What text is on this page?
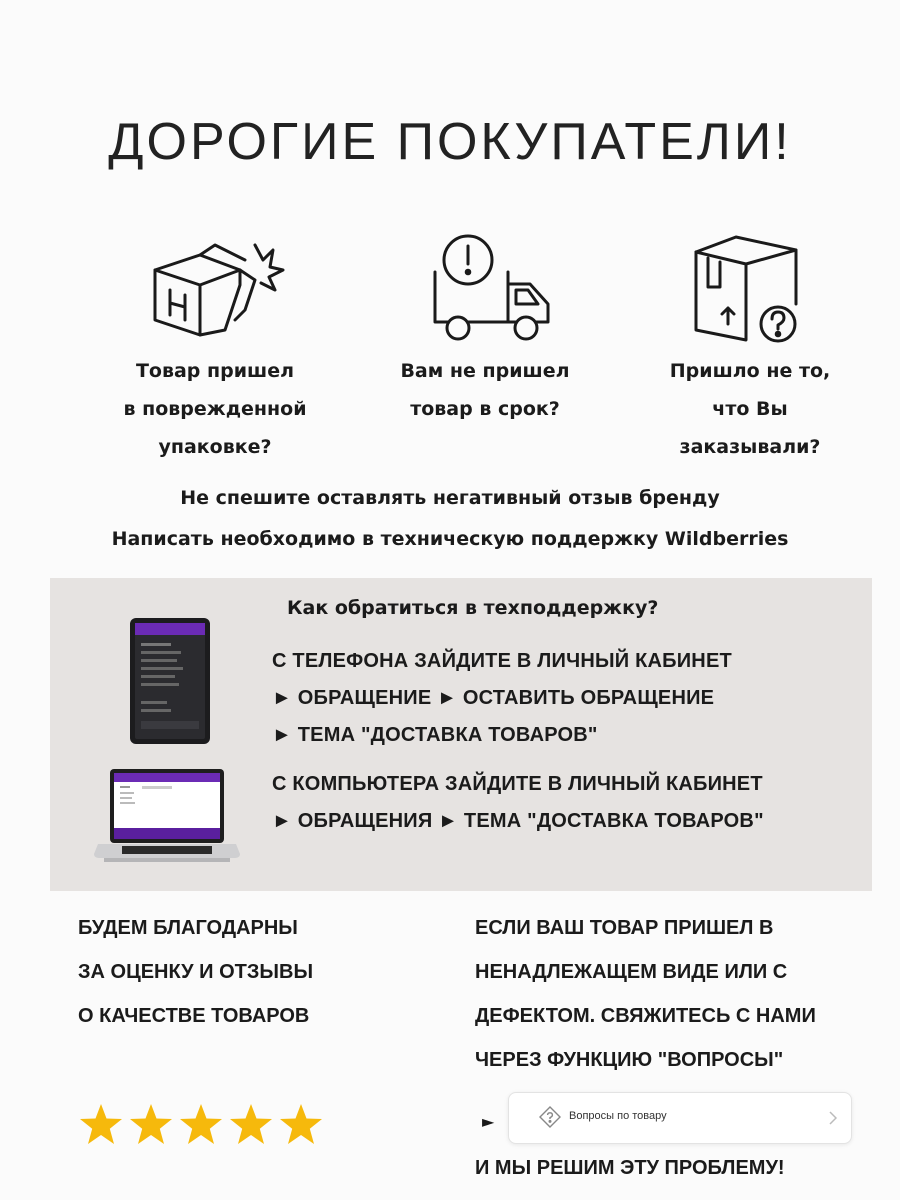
ДОРОГИЕ ПОКУПАТЕЛИ!
Товар пришел
в поврежденной
упаковке?
Вам не пришел
товар в срок?
Пришло не то,
что Вы
заказывали?
Не спешите оставлять негативный отзыв бренду
Написать необходимо в техническую поддержку Wildberries
Как обратиться в техподдержку?
С ТЕЛЕФОНА ЗАЙДИТЕ В ЛИЧНЫЙ КАБИНЕТ
► ОБРАЩЕНИЕ ► ОСТАВИТЬ ОБРАЩЕНИЕ
► ТЕМА "ДОСТАВКА ТОВАРОВ"
С КОМПЬЮТЕРА ЗАЙДИТЕ В ЛИЧНЫЙ КАБИНЕТ
► ОБРАЩЕНИЯ ► ТЕМА "ДОСТАВКА ТОВАРОВ"
БУДЕМ БЛАГОДАРНЫ
ЗА ОЦЕНКУ И ОТЗЫВЫ
О КАЧЕСТВЕ ТОВАРОВ
ЕСЛИ ВАШ ТОВАР ПРИШЕЛ В
НЕНАДЛЕЖАЩЕМ ВИДЕ ИЛИ С
ДЕФЕКТОМ. СВЯЖИТЕСЬ С НАМИ
ЧЕРЕЗ ФУНКЦИЮ "ВОПРОСЫ"
►	Вопросы по товару
И МЫ РЕШИМ ЭТУ ПРОБЛЕМУ!
